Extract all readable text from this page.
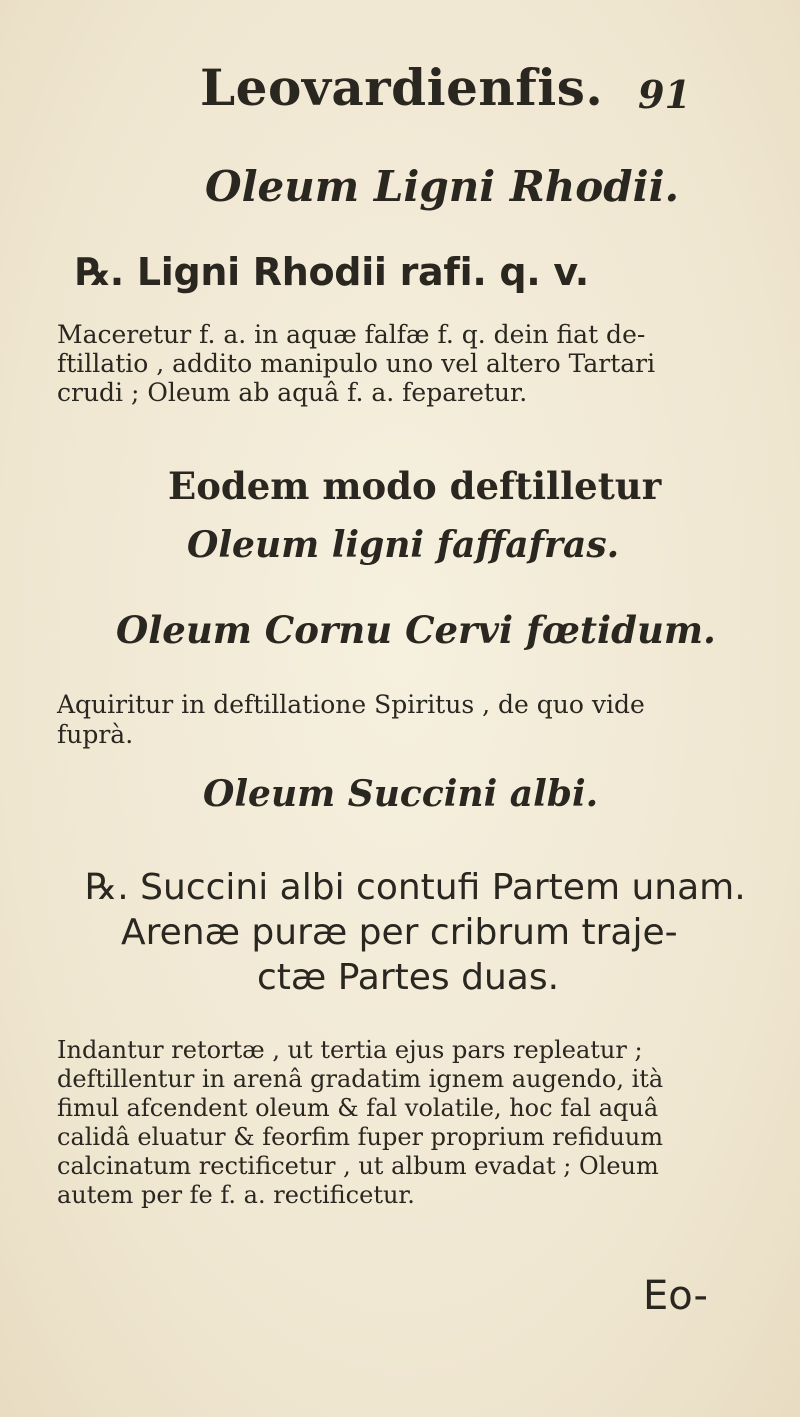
Leovardienfis. 91
Oleum Ligni Rhodii.
℞. Ligni Rhodii rafi. q. v.
Maceretur f. a. in aquæ falfæ f. q. dein fiat de-
ftillatio , addito manipulo uno vel altero Tartari
crudi ; Oleum ab aquâ f. a. feparetur.
Eodem modo deftilletur
Oleum ligni faffafras.
Oleum Cornu Cervi fœtidum.
Aquiritur in deftillatione Spiritus , de quo vide
fuprà.
Oleum Succini albi.
℞. Succini albi contufi Partem unam.
Arenæ puræ per cribrum traje-
ctæ Partes duas.
Indantur retortæ , ut tertia ejus pars repleatur ;
deftillentur in arenâ gradatim ignem augendo, ità
fimul afcendent oleum & fal volatile, hoc fal aquâ
calidâ eluatur & feorfim fuper proprium refiduum
calcinatum rectificetur , ut album evadat ; Oleum
autem per fe f. a. rectificetur.
Eo-
